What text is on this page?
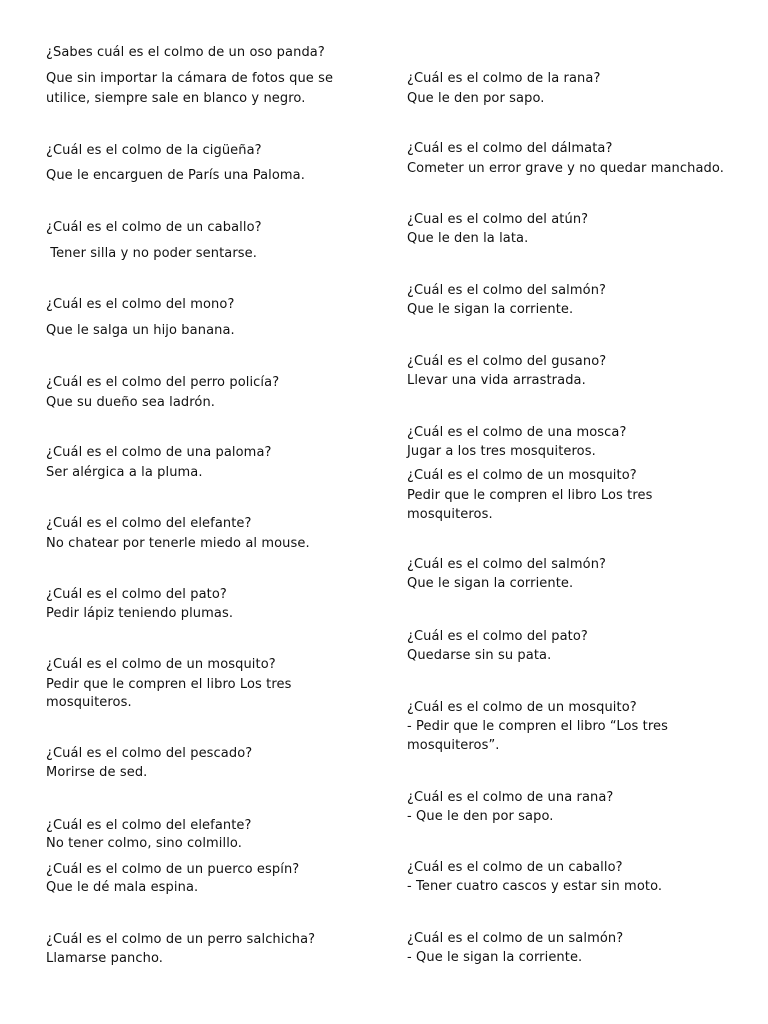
¿Sabes cuál es el colmo de un oso panda?
Que sin importar la cámara de fotos que se
utilice, siempre sale en blanco y negro.
¿Cuál es el colmo de la cigüeña?
Que le encarguen de París una Paloma.
¿Cuál es el colmo de un caballo?
Tener silla y no poder sentarse.
¿Cuál es el colmo del mono?
Que le salga un hijo banana.
¿Cuál es el colmo del perro policía?
Que su dueño sea ladrón.
¿Cuál es el colmo de una paloma?
Ser alérgica a la pluma.
¿Cuál es el colmo del elefante?
No chatear por tenerle miedo al mouse.
¿Cuál es el colmo del pato?
Pedir lápiz teniendo plumas.
¿Cuál es el colmo de un mosquito?
Pedir que le compren el libro Los tres
mosquiteros.
¿Cuál es el colmo del pescado?
Morirse de sed.
¿Cuál es el colmo del elefante?
No tener colmo, sino colmillo.
¿Cuál es el colmo de un puerco espín?
Que le dé mala espina.
¿Cuál es el colmo de un perro salchicha?
Llamarse pancho.
¿Cuál es el colmo de la rana?
Que le den por sapo.
¿Cuál es el colmo del dálmata?
Cometer un error grave y no quedar manchado.
¿Cual es el colmo del atún?
Que le den la lata.
¿Cuál es el colmo del salmón?
Que le sigan la corriente.
¿Cuál es el colmo del gusano?
Llevar una vida arrastrada.
¿Cuál es el colmo de una mosca?
Jugar a los tres mosquiteros.
¿Cuál es el colmo de un mosquito?
Pedir que le compren el libro Los tres
mosquiteros.
¿Cuál es el colmo del salmón?
Que le sigan la corriente.
¿Cuál es el colmo del pato?
Quedarse sin su pata.
¿Cuál es el colmo de un mosquito?
- Pedir que le compren el libro “Los tres
mosquiteros”.
¿Cuál es el colmo de una rana?
- Que le den por sapo.
¿Cuál es el colmo de un caballo?
- Tener cuatro cascos y estar sin moto.
¿Cuál es el colmo de un salmón?
- Que le sigan la corriente.
